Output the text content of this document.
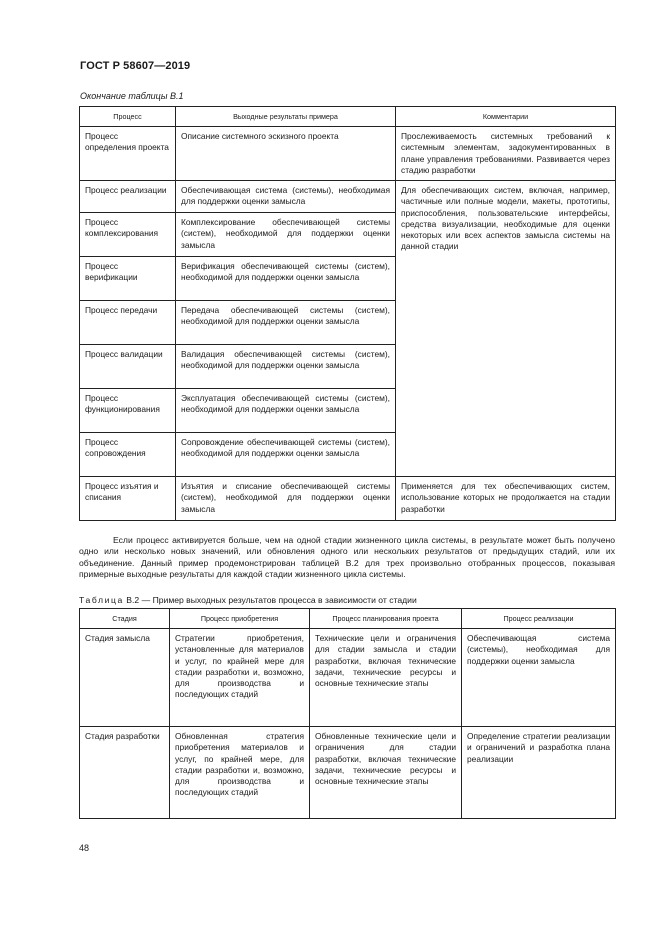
ГОСТ Р 58607—2019
Окончание таблицы В.1
Процесс	Выходные результаты примера	Комментарии
Процесс определения проекта	Описание системного эскизного проекта	Прослеживаемость системных требований к системным элементам, задокументированных в плане управления требованиями. Развивается через стадию разработки
Процесс реализации	Обеспечивающая система (системы), необходимая для поддержки оценки замысла	Для обеспечивающих систем, включая, например, частичные или полные модели, макеты, прототипы, приспособления, пользовательские интерфейсы, средства визуализации, необходимые для оценки некоторых или всех аспектов замысла системы на данной стадии
Процесс комплексирования	Комплексирование обеспечивающей системы (систем), необходимой для поддержки оценки замысла	
Процесс верификации	Верификация обеспечивающей системы (систем), необходимой для поддержки оценки замысла	
Процесс передачи	Передача обеспечивающей системы (систем), необходимой для поддержки оценки замысла	
Процесс валидации	Валидация обеспечивающей системы (систем), необходимой для поддержки оценки замысла	
Процесс функционирования	Эксплуатация обеспечивающей системы (систем), необходимой для поддержки оценки замысла	
Процесс сопровождения	Сопровождение обеспечивающей системы (систем), необходимой для поддержки оценки замысла	
Процесс изъятия и списания	Изъятия и списание обеспечивающей системы (систем), необходимой для поддержки оценки замысла	Применяется для тех обеспечивающих систем, использование которых не продолжается на стадии разработки

Если процесс активируется больше, чем на одной стадии жизненного цикла системы, в результате может быть получено одно или несколько новых значений, или обновления одного или нескольких результатов от предыдущих стадий, или их объединение. Данный пример продемонстрирован таблицей В.2 для трех произвольно отобранных процессов, показывая примерные выходные результаты для каждой стадии жизненного цикла системы.

Таблица В.2 — Пример выходных результатов процесса в зависимости от стадии
Стадия	Процесс приобретения	Процесс планирования проекта	Процесс реализации
Стадия замысла	Стратегии приобретения, установленные для материалов и услуг, по крайней мере для стадии разработки и, возможно, для производства и последующих стадий	Технические цели и ограничения для стадии замысла и стадии разработки, включая технические задачи, технические ресурсы и основные технические этапы	Обеспечивающая система (системы), необходимая для поддержки оценки замысла
Стадия разработки	Обновленная стратегия приобретения материалов и услуг, по крайней мере, для стадии разработки и, возможно, для производства и последующих стадий	Обновленные технические цели и ограничения для стадии разработки, включая технические задачи, технические ресурсы и основные технические этапы	Определение стратегии реализации и ограничений и разработка плана реализации
48
